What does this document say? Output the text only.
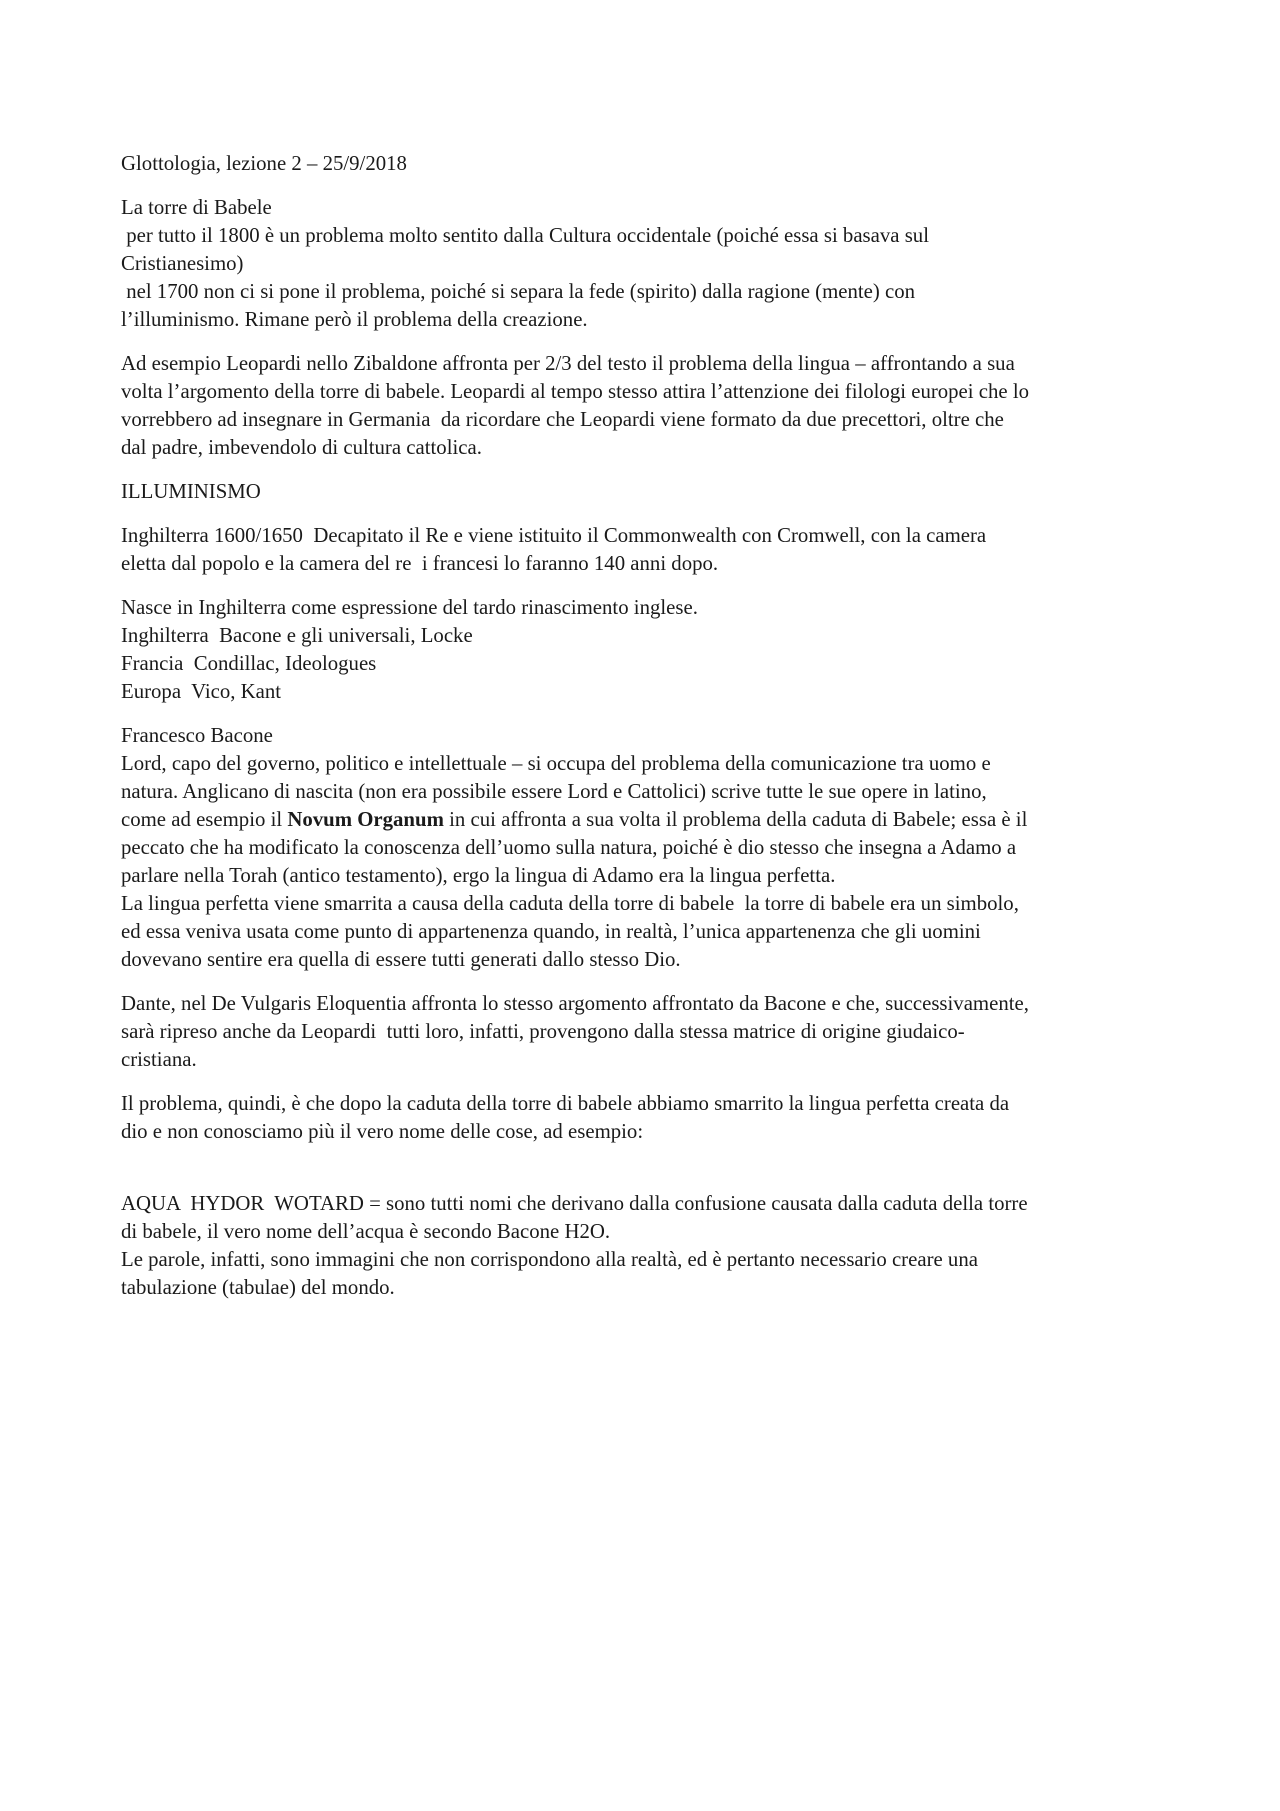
Glottologia, lezione 2 – 25/9/2018

La torre di Babele
per tutto il 1800 è un problema molto sentito dalla Cultura occidentale (poiché essa si basava sul
Cristianesimo)
nel 1700 non ci si pone il problema, poiché si separa la fede (spirito) dalla ragione (mente) con
l’illuminismo. Rimane però il problema della creazione.

Ad esempio Leopardi nello Zibaldone affronta per 2/3 del testo il problema della lingua – affrontando a sua
volta l’argomento della torre di babele. Leopardi al tempo stesso attira l’attenzione dei filologi europei che lo
vorrebbero ad insegnare in Germania  da ricordare che Leopardi viene formato da due precettori, oltre che
dal padre, imbevendolo di cultura cattolica.

ILLUMINISMO

Inghilterra 1600/1650  Decapitato il Re e viene istituito il Commonwealth con Cromwell, con la camera
eletta dal popolo e la camera del re  i francesi lo faranno 140 anni dopo.

Nasce in Inghilterra come espressione del tardo rinascimento inglese.
Inghilterra  Bacone e gli universali, Locke
Francia  Condillac, Ideologues
Europa  Vico, Kant

Francesco Bacone
Lord, capo del governo, politico e intellettuale – si occupa del problema della comunicazione tra uomo e
natura. Anglicano di nascita (non era possibile essere Lord e Cattolici) scrive tutte le sue opere in latino,
come ad esempio il Novum Organum in cui affronta a sua volta il problema della caduta di Babele; essa è il
peccato che ha modificato la conoscenza dell’uomo sulla natura, poiché è dio stesso che insegna a Adamo a
parlare nella Torah (antico testamento), ergo la lingua di Adamo era la lingua perfetta.
La lingua perfetta viene smarrita a causa della caduta della torre di babele  la torre di babele era un simbolo,
ed essa veniva usata come punto di appartenenza quando, in realtà, l’unica appartenenza che gli uomini
dovevano sentire era quella di essere tutti generati dallo stesso Dio.

Dante, nel De Vulgaris Eloquentia affronta lo stesso argomento affrontato da Bacone e che, successivamente,
sarà ripreso anche da Leopardi  tutti loro, infatti, provengono dalla stessa matrice di origine giudaico-
cristiana.

Il problema, quindi, è che dopo la caduta della torre di babele abbiamo smarrito la lingua perfetta creata da
dio e non conosciamo più il vero nome delle cose, ad esempio:

AQUA  HYDOR  WOTARD = sono tutti nomi che derivano dalla confusione causata dalla caduta della torre
di babele, il vero nome dell’acqua è secondo Bacone H2O.
Le parole, infatti, sono immagini che non corrispondono alla realtà, ed è pertanto necessario creare una
tabulazione (tabulae) del mondo.
